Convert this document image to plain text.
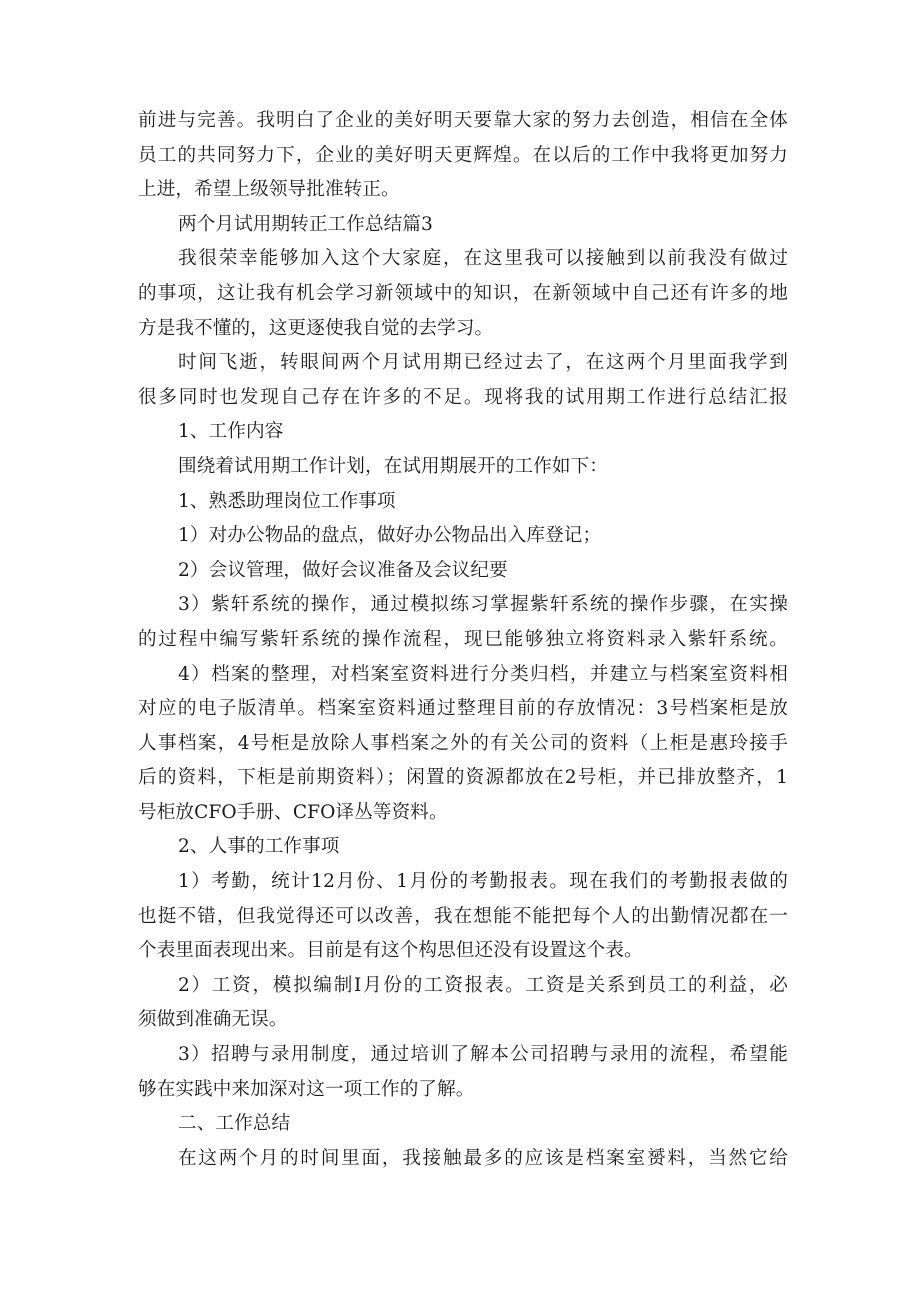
前进与完善。我明白了企业的美好明天要靠大家的努力去创造，相信在全体
员工的共同努力下，企业的美好明天更辉煌。在以后的工作中我将更加努力
上进，希望上级领导批准转正。
两个月试用期转正工作总结篇3
我很荣幸能够加入这个大家庭，在这里我可以接触到以前我没有做过
的事项，这让我有机会学习新领域中的知识，在新领域中自己还有许多的地
方是我不懂的，这更逐使我自觉的去学习。
时间飞逝，转眼间两个月试用期已经过去了，在这两个月里面我学到
很多同时也发现自己存在许多的不足。现将我的试用期工作进行总结汇报
1、工作内容
围绕着试用期工作计划，在试用期展开的工作如下：
1、熟悉助理岗位工作事项
1）对办公物品的盘点，做好办公物品出入库登记；
2）会议管理，做好会议准备及会议纪要
3）紫轩系统的操作，通过模拟练习掌握紫轩系统的操作步骤，在实操
的过程中编写紫轩系统的操作流程，现巳能够独立将资料录入紫轩系统。
4）档案的整理，对档案室资料进行分类归档，并建立与档案室资料相
对应的电子版清单。档案室资料通过整理目前的存放情况：3号档案柜是放
人事档案，4号柜是放除人事档案之外的有关公司的资料（上柜是惠玲接手
后的资料，下柜是前期资料）；闲置的资源都放在2号柜，并已排放整齐，1
号柜放CFO手册、CFO译丛等资料。
2、人事的工作事项
1）考勤，统计12月份、1月份的考勤报表。现在我们的考勤报表做的
也挺不错，但我觉得还可以改善，我在想能不能把每个人的出勤情况都在一
个表里面表现出来。目前是有这个构思但还没有设置这个表。
2）工资，模拟编制I月份的工资报表。工资是关系到员工的利益，必
须做到准确无误。
3）招聘与录用制度，通过培训了解本公司招聘与录用的流程，希望能
够在实践中来加深对这一项工作的了解。
二、工作总结
在这两个月的时间里面，我接触最多的应该是档案室赟料，当然它给
